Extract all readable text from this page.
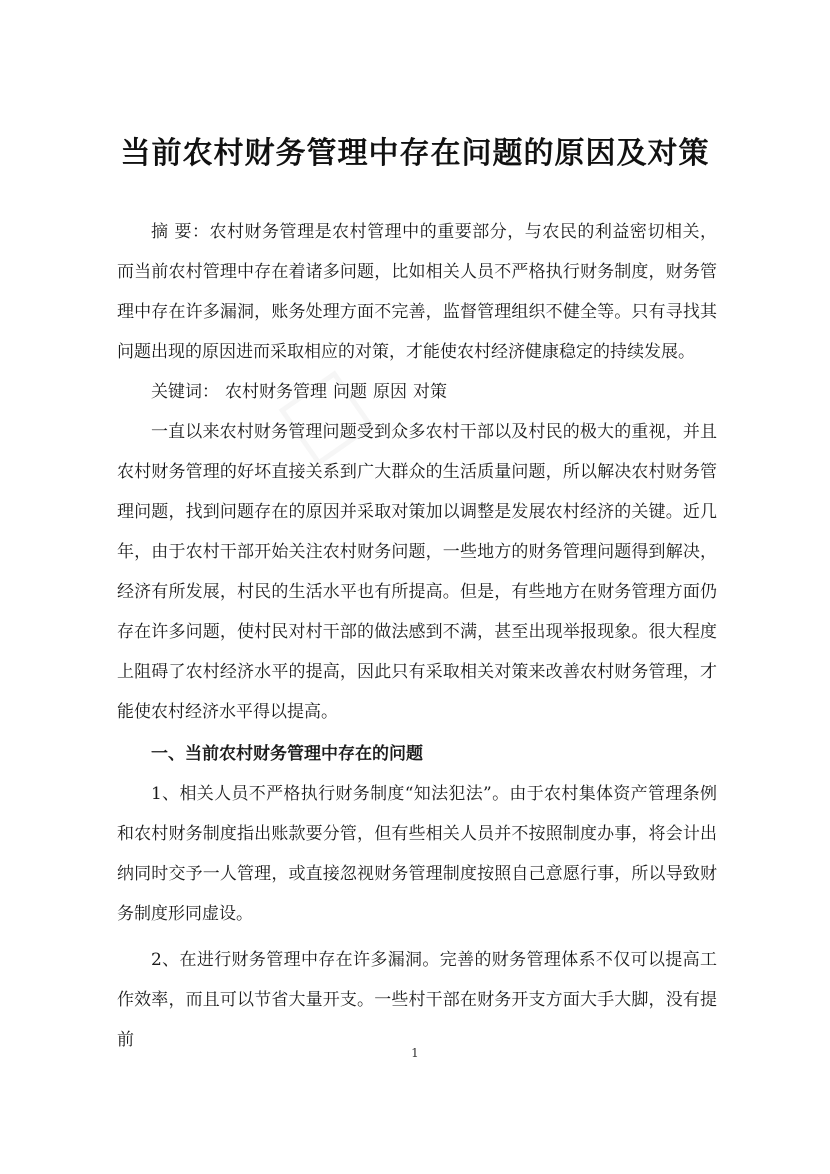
当前农村财务管理中存在问题的原因及对策

摘 要：农村财务管理是农村管理中的重要部分，与农民的利益密切相关，而当前农村管理中存在着诸多问题，比如相关人员不严格执行财务制度，财务管理中存在许多漏洞，账务处理方面不完善，监督管理组织不健全等。只有寻找其问题出现的原因进而采取相应的对策，才能使农村经济健康稳定的持续发展。

关键词： 农村财务管理 问题 原因 对策

一直以来农村财务管理问题受到众多农村干部以及村民的极大的重视，并且农村财务管理的好坏直接关系到广大群众的生活质量问题，所以解决农村财务管理问题，找到问题存在的原因并采取对策加以调整是发展农村经济的关键。近几年，由于农村干部开始关注农村财务问题，一些地方的财务管理问题得到解决，经济有所发展，村民的生活水平也有所提高。但是，有些地方在财务管理方面仍存在许多问题，使村民对村干部的做法感到不满，甚至出现举报现象。很大程度上阻碍了农村经济水平的提高，因此只有采取相关对策来改善农村财务管理，才能使农村经济水平得以提高。

一、当前农村财务管理中存在的问题

1、相关人员不严格执行财务制度“知法犯法”。由于农村集体资产管理条例和农村财务制度指出账款要分管，但有些相关人员并不按照制度办事，将会计出纳同时交予一人管理，或直接忽视财务管理制度按照自己意愿行事，所以导致财务制度形同虚设。

2、在进行财务管理中存在许多漏洞。完善的财务管理体系不仅可以提高工作效率，而且可以节省大量开支。一些村干部在财务开支方面大手大脚，没有提前

1
